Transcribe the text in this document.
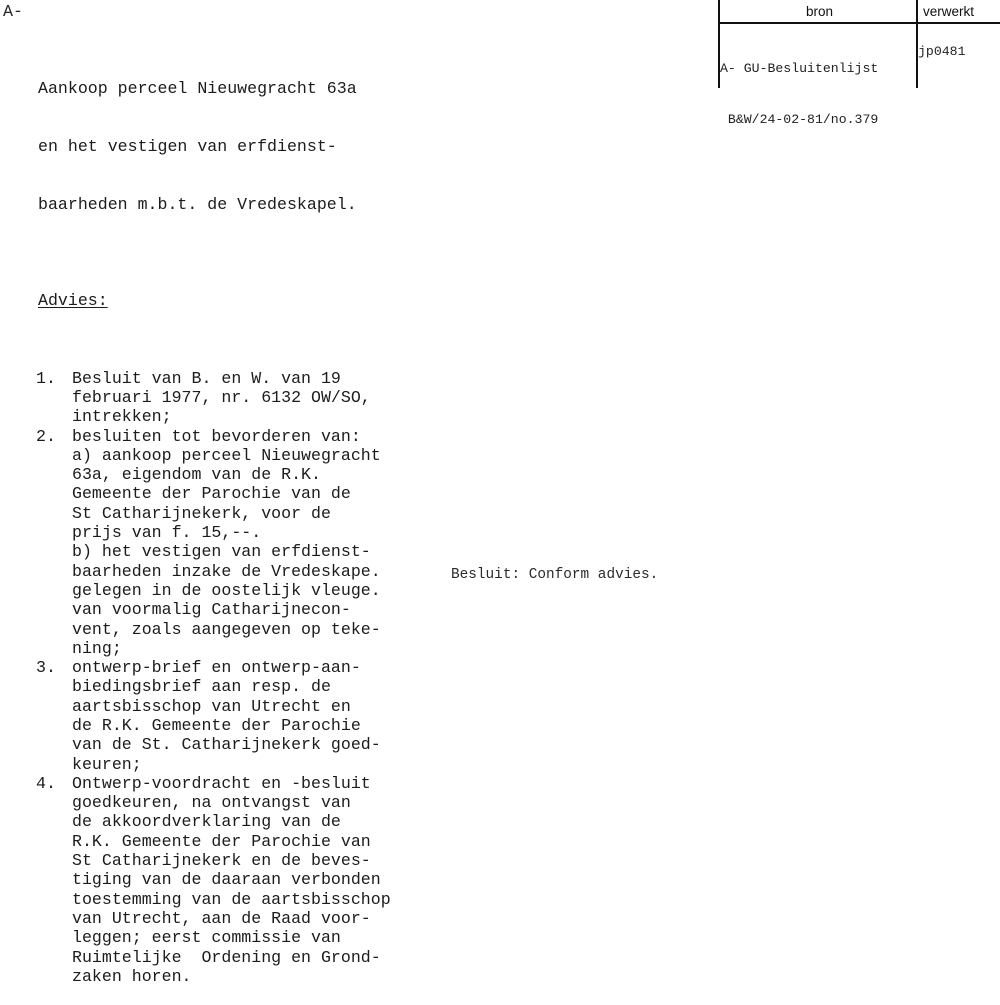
A-

Aankoop perceel Nieuwegracht 63a

en het vestigen van erfdienst-

baarheden m.b.t. de Vredeskapel.

Advies:

1. Besluit van B. en W. van 19
februari 1977, nr. 6132 OW/SO,
intrekken;
2. besluiten tot bevorderen van:
a) aankoop perceel Nieuwegracht
63a, eigendom van de R.K.
Gemeente der Parochie van de
St Catharijnekerk, voor de
prijs van f. 15,--.
b) het vestigen van erfdienst-
baarheden inzake de Vredeskape.
gelegen in de oostelijk vleuge.
van voormalig Catharijnecon-
vent, zoals aangegeven op teke-
ning;
3. ontwerp-brief en ontwerp-aan-
biedingsbrief aan resp. de
aartsbisschop van Utrecht en
de R.K. Gemeente der Parochie
van de St. Catharijnekerk goed-
keuren;
4. Ontwerp-voordracht en -besluit
goedkeuren, na ontvangst van
de akkoordverklaring van de
R.K. Gemeente der Parochie van
St Catharijnekerk en de beves-
tiging van de daaraan verbonden
toestemming van de aartsbisschop
van Utrecht, aan de Raad voor-
leggen; eerst commissie van
Ruimtelijke  Ordening en Grond-
zaken horen.

Besluit: Conform advies.
bron	verwerkt

A- GU-Besluitenlijst

B&W/24-02-81/no.379

jp0481
